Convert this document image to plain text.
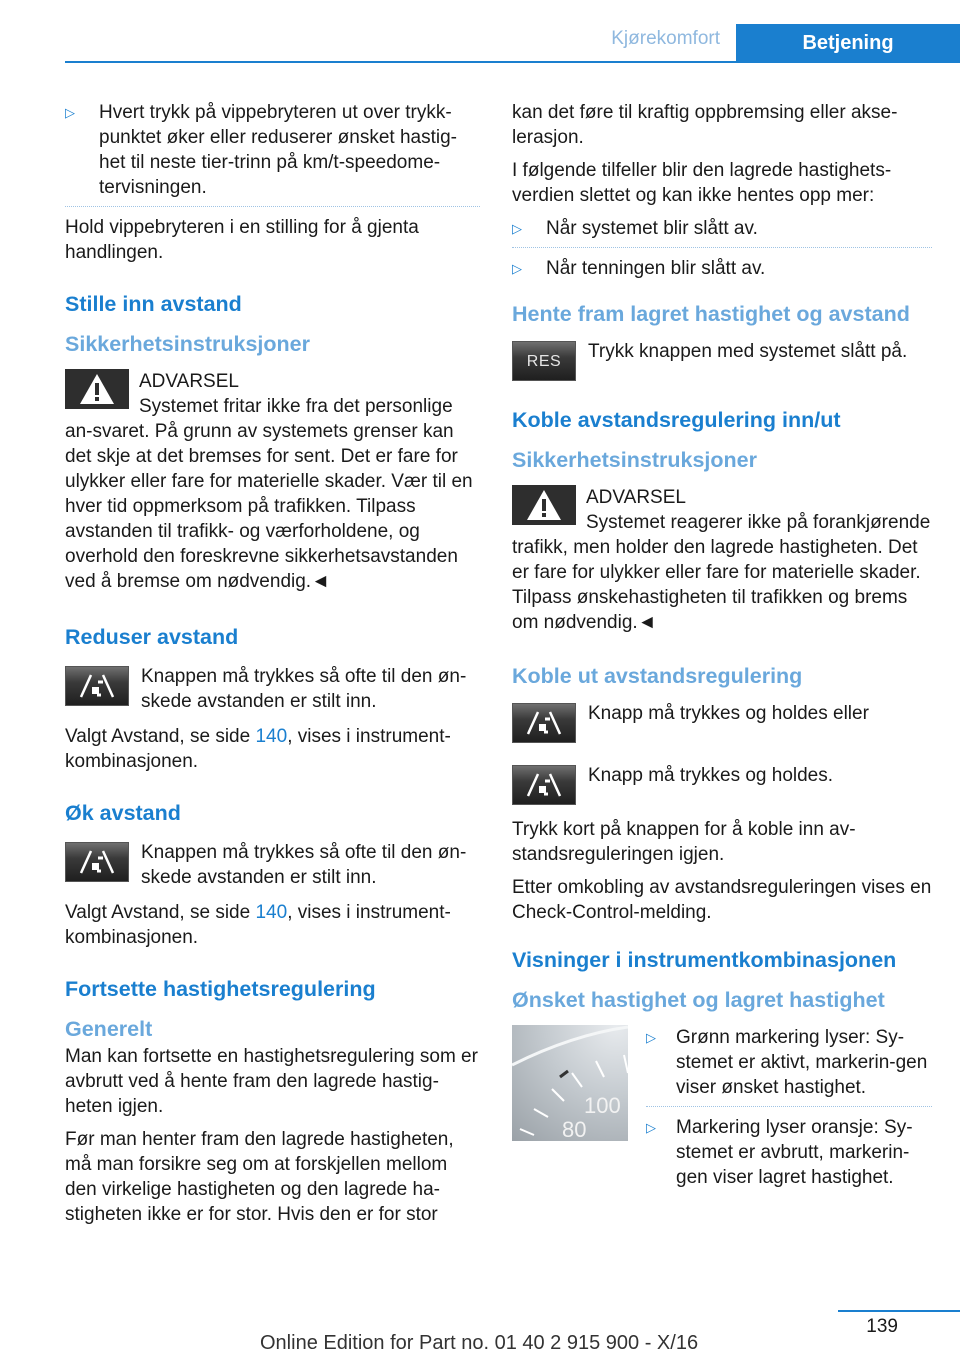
Kjørekomfort	Betjening
▷ Hvert trykk på vippebryteren ut over trykk-punktet øker eller reduserer ønsket hastig-het til neste tier-trinn på km/t-speedome-tervisningen.

Hold vippebryteren i en stilling for å gjenta handlingen.

Stille inn avstand
Sikkerhetsinstruksjoner
ADVARSEL
Systemet fritar ikke fra det personlige an-svaret. På grunn av systemets grenser kan det skje at det bremses for sent. Det er fare for ulykker eller fare for materielle skader. Vær til en hver tid oppmerksom på trafikken. Tilpass avstanden til trafikk- og værforholdene, og overhold den foreskrevne sikkerhetsavstanden ved å bremse om nødvendig.◄
Reduser avstand
Knappen må trykkes så ofte til den øn-skede avstanden er stilt inn.

Valgt Avstand, se side 140, vises i instrument-kombinasjonen.

Øk avstand
Knappen må trykkes så ofte til den øn-skede avstanden er stilt inn.

Valgt Avstand, se side 140, vises i instrument-kombinasjonen.

Fortsette hastighetsregulering
Generelt

Man kan fortsette en hastighetsregulering som er avbrutt ved å hente fram den lagrede hastig-heten igjen.

Før man henter fram den lagrede hastigheten, må man forsikre seg om at forskjellen mellom den virkelige hastigheten og den lagrede ha-stigheten ikke er for stor. Hvis den er for stor

kan det føre til kraftig oppbremsing eller akse-lerasjon.

I følgende tilfeller blir den lagrede hastighets-verdien slettet og kan ikke hentes opp mer:

▷ Når systemet blir slått av.
▷ Når tenningen blir slått av.
Hente fram lagret hastighet og avstand
RES	Trykk knappen med systemet slått på.
Koble avstandsregulering inn/ut
Sikkerhetsinstruksjoner
ADVARSEL
Systemet reagerer ikke på forankjørende trafikk, men holder den lagrede hastigheten. Det er fare for ulykker eller fare for materielle skader. Tilpass ønskehastigheten til trafikken og brems om nødvendig.◄
Koble ut avstandsregulering
Knapp må trykkes og holdes eller
Knapp må trykkes og holdes.

Trykk kort på knappen for å koble inn av-standsreguleringen igjen.

Etter omkobling av avstandsreguleringen vises en Check-Control-melding.

Visninger i instrumentkombinasjonen
Ønsket hastighet og lagret hastighet
100
80
▷ Grønn markering lyser: Sy-stemet er aktivt, markerin-gen viser ønsket hastighet.
▷ Markering lyser oransje: Sy-stemet er avbrutt, markerin-gen viser lagret hastighet.
139
Online Edition for Part no. 01 40 2 915 900 - X/16
